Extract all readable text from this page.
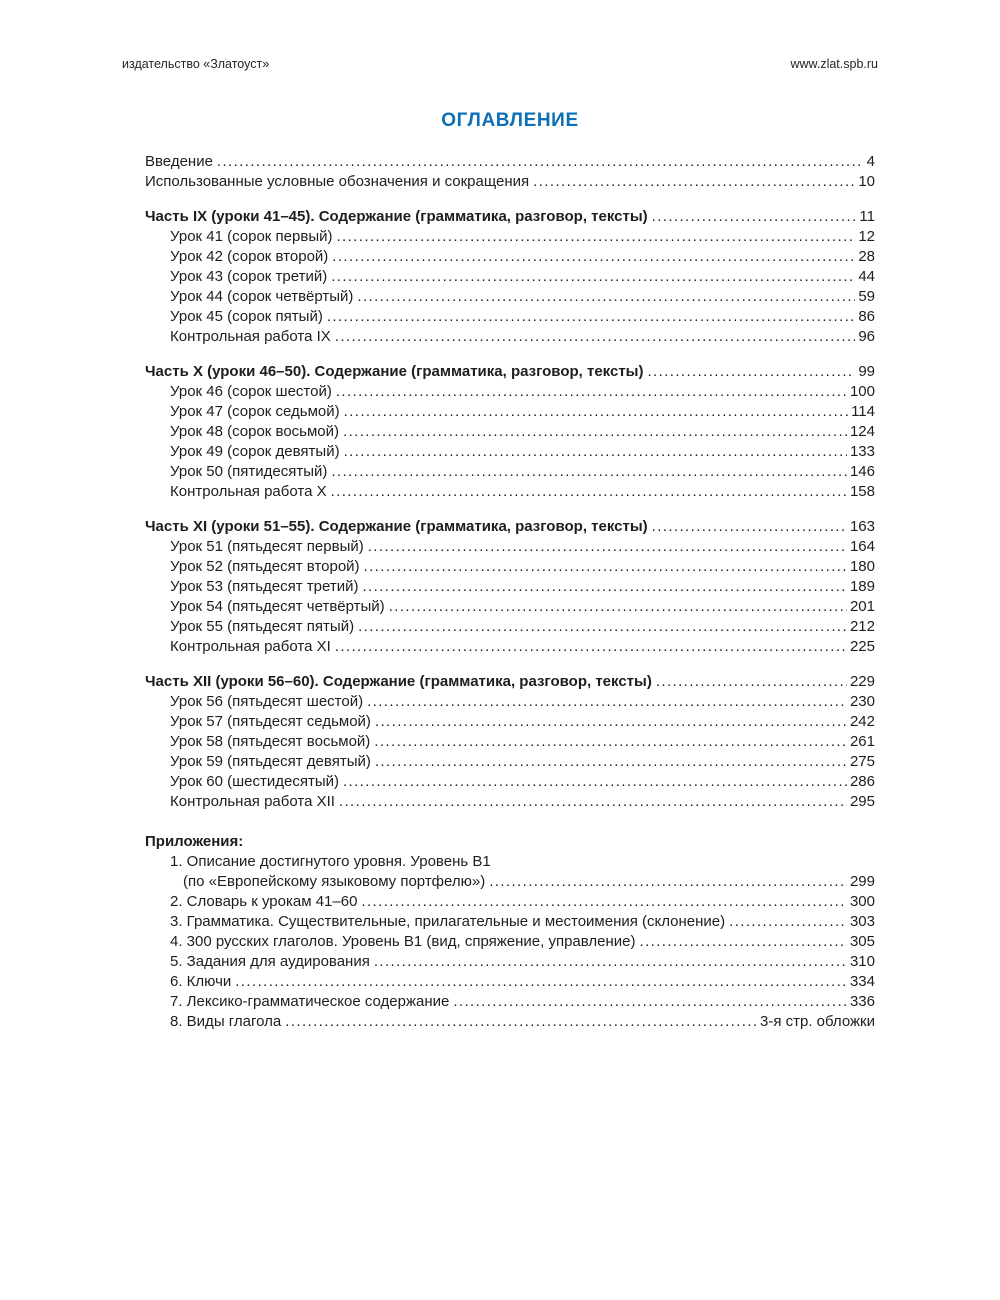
издательство «Златоуст»	www.zlat.spb.ru
ОГЛАВЛЕНИЕ
Введение .....	4
Использованные условные обозначения и сокращения .....	10
Часть IX (уроки 41–45). Содержание (грамматика, разговор, тексты) .....	11
Урок 41 (сорок первый) .....	12
Урок 42 (сорок второй) .....	28
Урок 43 (сорок третий) .....	44
Урок 44 (сорок четвёртый) .....	59
Урок 45 (сорок пятый) .....	86
Контрольная работа IX .....	96
Часть X (уроки 46–50). Содержание (грамматика, разговор, тексты) .....	99
Урок 46 (сорок шестой) .....	100
Урок 47 (сорок седьмой) .....	114
Урок 48 (сорок восьмой) .....	124
Урок 49 (сорок девятый) .....	133
Урок 50 (пятидесятый) .....	146
Контрольная работа X .....	158
Часть XI (уроки 51–55). Содержание (грамматика, разговор, тексты) .....	163
Урок 51 (пятьдесят первый) .....	164
Урок 52 (пятьдесят второй) .....	180
Урок 53 (пятьдесят третий) .....	189
Урок 54 (пятьдесят четвёртый) .....	201
Урок 55 (пятьдесят пятый) .....	212
Контрольная работа XI .....	225
Часть XII (уроки 56–60). Содержание (грамматика, разговор, тексты) .....	229
Урок 56 (пятьдесят шестой) .....	230
Урок 57 (пятьдесят седьмой) .....	242
Урок 58 (пятьдесят восьмой) .....	261
Урок 59 (пятьдесят девятый) .....	275
Урок 60 (шестидесятый) .....	286
Контрольная работа XII .....	295
Приложения:
1. Описание достигнутого уровня. Уровень B1
(по «Европейскому языковому портфелю») .....	299
2. Словарь к урокам 41–60 .....	300
3. Грамматика. Существительные, прилагательные и местоимения (склонение) .....	303
4. 300 русских глаголов. Уровень B1 (вид, спряжение, управление) .....	305
5. Задания для аудирования .....	310
6. Ключи .....	334
7. Лексико-грамматическое содержание .....	336
8. Виды глагола .....	3-я стр. обложки
